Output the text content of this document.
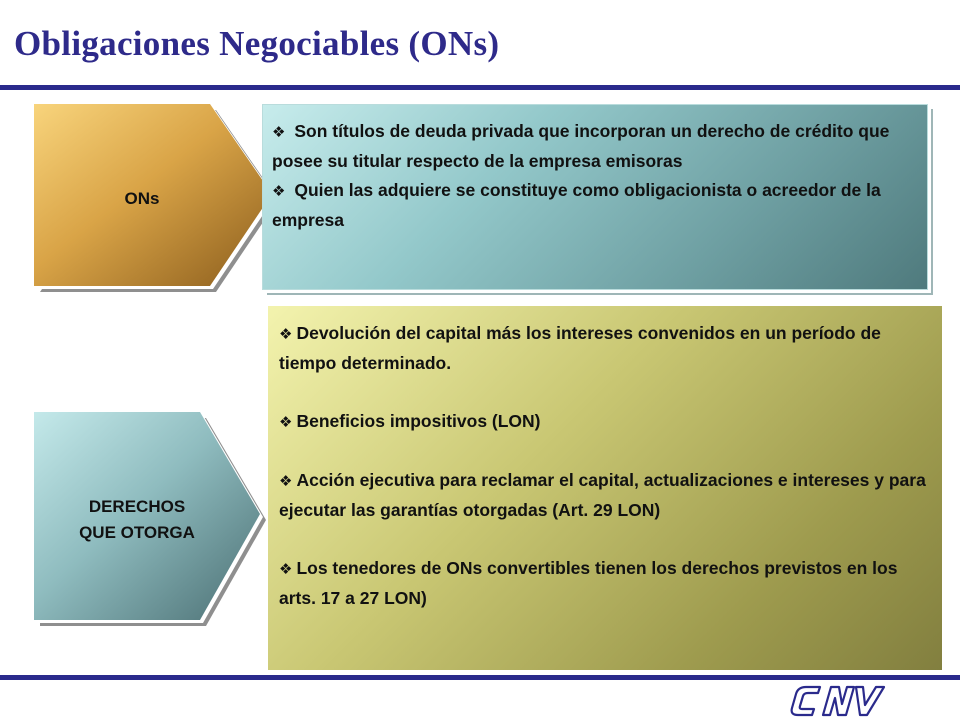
Obligaciones Negociables (ONs)
ONs
DERECHOS
QUE OTORGA

❖ Son títulos de deuda privada que incorporan un derecho de crédito que posee su titular respecto de la empresa emisoras

❖ Quien las adquiere se constituye como obligacionista o acreedor de la empresa

❖ Devolución del capital más los intereses convenidos en un período de tiempo determinado.

❖ Beneficios impositivos (LON)

❖ Acción ejecutiva para reclamar el capital, actualizaciones e intereses y para ejecutar las garantías otorgadas (Art. 29 LON)

❖ Los tenedores de ONs convertibles tienen los derechos previstos en los arts. 17 a 27 LON)
